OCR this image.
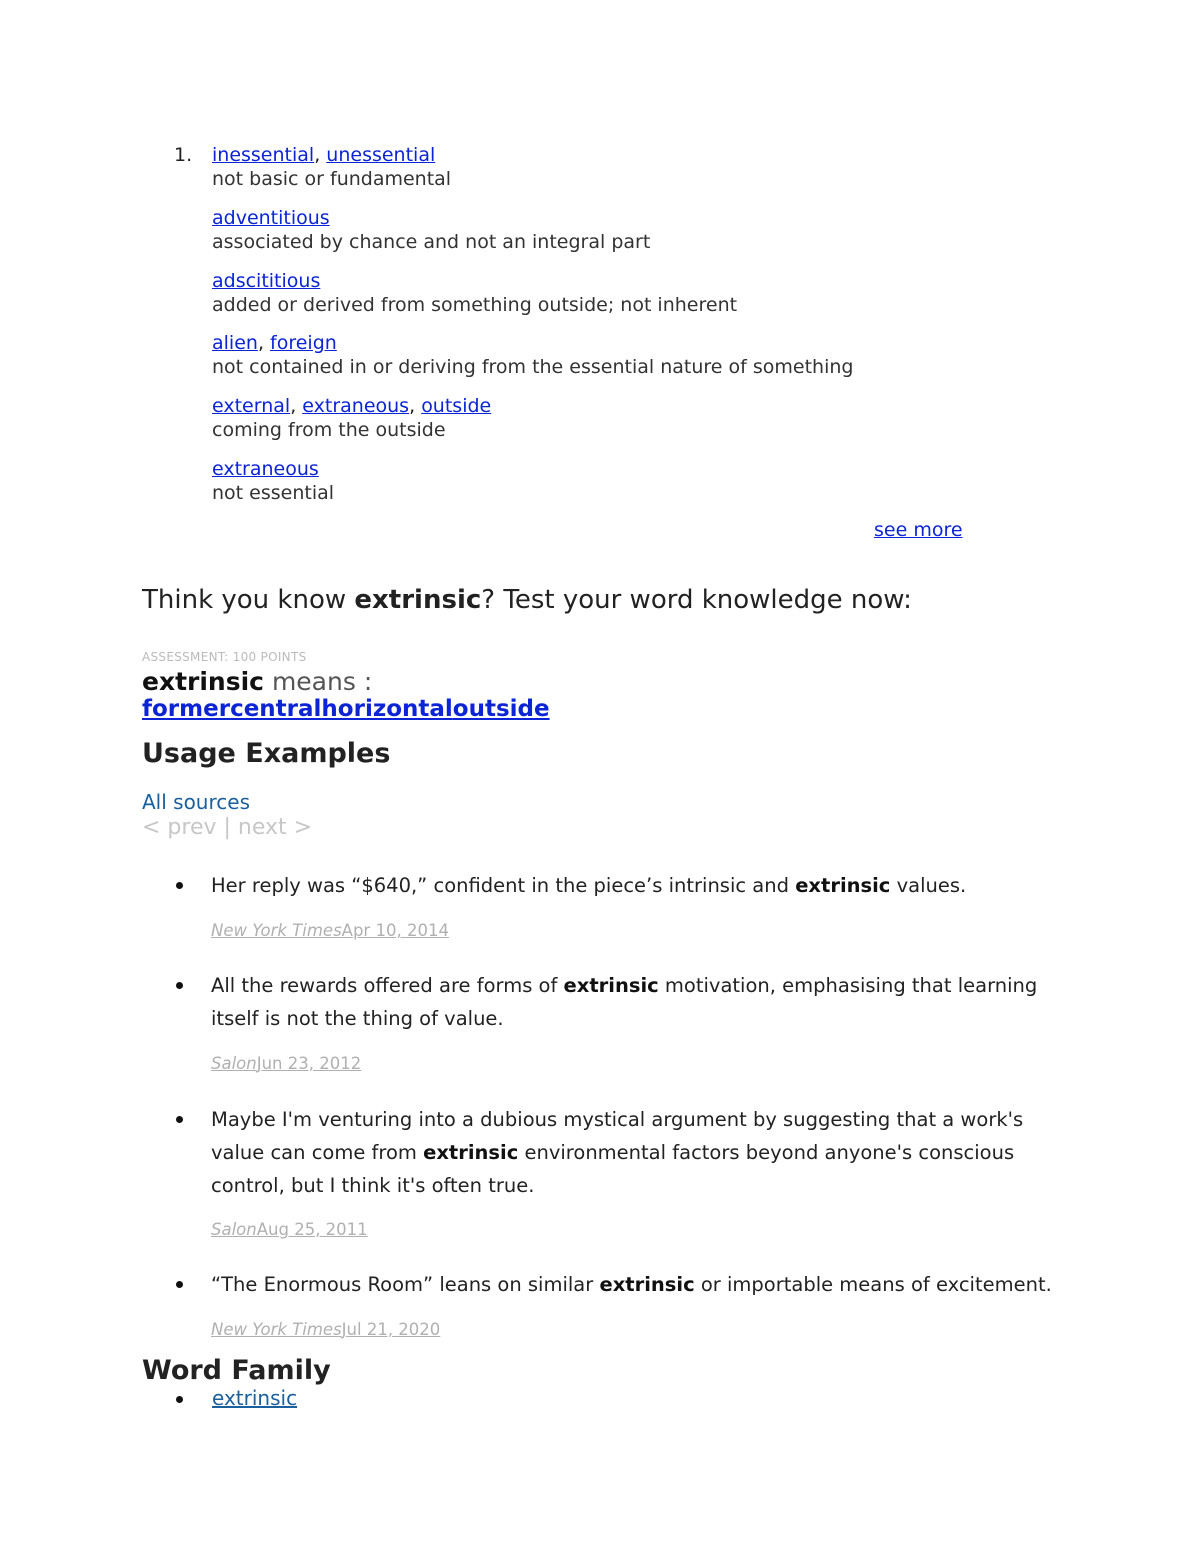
1. inessential, unessential
not basic or fundamental
adventitious
associated by chance and not an integral part
adscititious
added or derived from something outside; not inherent
alien, foreign
not contained in or deriving from the essential nature of something
external, extraneous, outside
coming from the outside
extraneous
not essential
see more
Think you know extrinsic? Test your word knowledge now:
ASSESSMENT: 100 POINTS
extrinsic means :
formercentralhorizontaloutside
Usage Examples
All sources
< prev | next >
Her reply was “$640,” confident in the piece’s intrinsic and extrinsic values.
New York TimesApr 10, 2014
All the rewards offered are forms of extrinsic motivation, emphasising that learning itself is not the thing of value.
SalonJun 23, 2012
Maybe I'm venturing into a dubious mystical argument by suggesting that a work's value can come from extrinsic environmental factors beyond anyone's conscious control, but I think it's often true.
SalonAug 25, 2011
“The Enormous Room” leans on similar extrinsic or importable means of excitement.
New York TimesJul 21, 2020
Word Family
extrinsic
